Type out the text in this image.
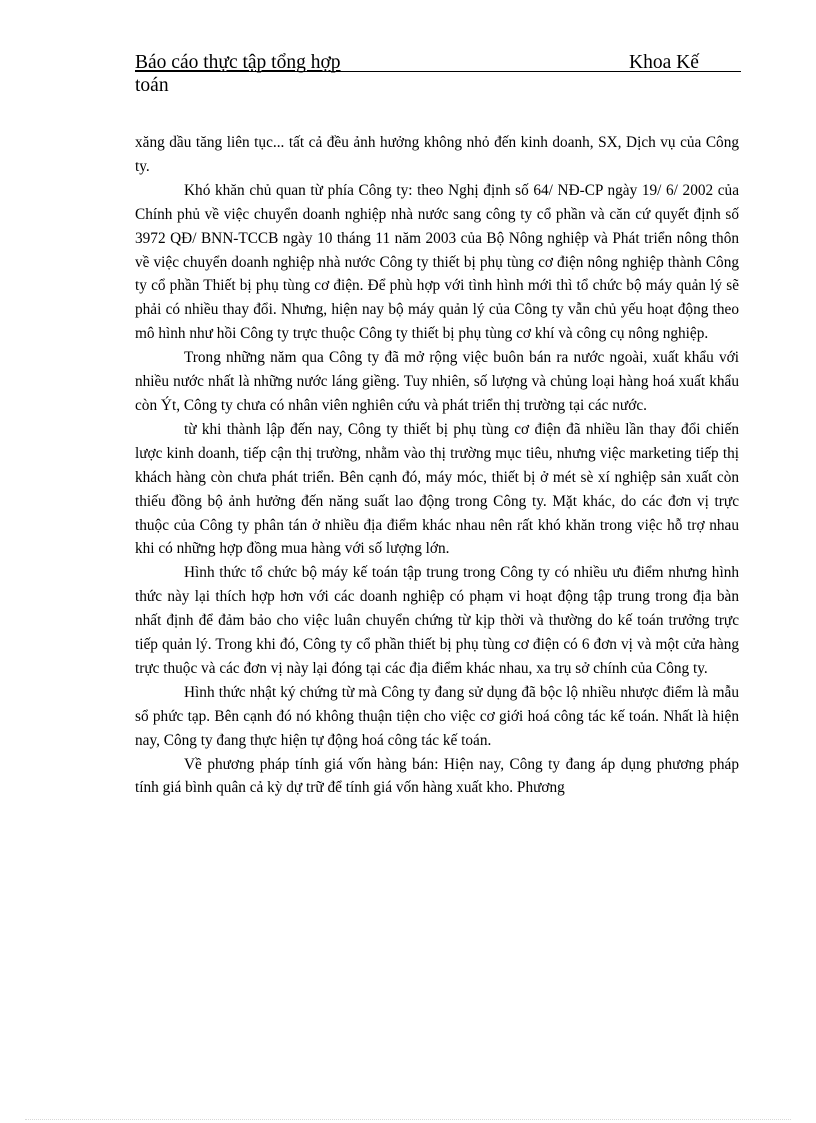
Báo cáo thực tập tổng hợp	Khoa Kế
toán

xăng dầu tăng liên tục... tất cả đều ảnh hưởng không nhỏ đến kinh doanh, SX, Dịch vụ của Công ty.

Khó khăn chủ quan từ phía Công ty: theo Nghị định số 64/ NĐ-CP ngày 19/ 6/ 2002 của Chính phủ về việc chuyển doanh nghiệp nhà nước sang công ty cổ phần và căn cứ quyết định số 3972 QĐ/ BNN-TCCB ngày 10 tháng 11 năm 2003 của Bộ Nông nghiệp và Phát triển nông thôn về việc chuyển doanh nghiệp nhà nước Công ty thiết bị phụ tùng cơ điện nông nghiệp thành Công ty cổ phần Thiết bị phụ tùng cơ điện. Để phù hợp với tình hình mới thì tổ chức bộ máy quản lý sẽ phải có nhiều thay đổi. Nhưng, hiện nay bộ máy quản lý của Công ty vẫn chủ yếu hoạt động theo mô hình như hồi Công ty trực thuộc Công ty thiết bị phụ tùng cơ khí và công cụ nông nghiệp.

Trong những năm qua Công ty đã mở rộng việc buôn bán ra nước ngoài, xuất khẩu với nhiều nước nhất là những nước láng giềng. Tuy nhiên, số lượng và chủng loại hàng hoá xuất khẩu còn Ýt, Công ty chưa có nhân viên nghiên cứu và phát triển thị trường tại các nước.

từ khi thành lập đến nay, Công ty thiết bị phụ tùng cơ điện đã nhiều lần thay đổi chiến lược kinh doanh, tiếp cận thị trường, nhằm vào thị trường mục tiêu, nhưng việc marketing tiếp thị khách hàng còn chưa phát triển. Bên cạnh đó, máy móc, thiết bị ở mét sè xí nghiệp sản xuất còn thiếu đồng bộ ảnh hưởng đến năng suất lao động trong Công ty. Mặt khác, do các đơn vị trực thuộc của Công ty phân tán ở nhiều địa điểm khác nhau nên rất khó khăn trong việc hỗ trợ nhau khi có những hợp đồng mua hàng với số lượng lớn.

Hình thức tổ chức bộ máy kế toán tập trung trong Công ty có nhiều ưu điểm nhưng hình thức này lại thích hợp hơn với các doanh nghiệp có phạm vi hoạt động tập trung trong địa bàn nhất định để đảm bảo cho việc luân chuyển chứng từ kịp thời và thường do kế toán trưởng trực tiếp quản lý. Trong khi đó, Công ty cổ phần thiết bị phụ tùng cơ điện có 6 đơn vị và một cửa hàng trực thuộc và các đơn vị này lại đóng tại các địa điểm khác nhau, xa trụ sở chính của Công ty.

Hình thức nhật ký chứng từ mà Công ty đang sử dụng đã bộc lộ nhiều nhược điểm là mẫu sổ phức tạp. Bên cạnh đó nó không thuận tiện cho việc cơ giới hoá công tác kế toán. Nhất là hiện nay, Công ty đang thực hiện tự động hoá công tác kế toán.

Về phương pháp tính giá vốn hàng bán: Hiện nay, Công ty đang áp dụng phương pháp tính giá bình quân cả kỳ dự trữ để tính giá vốn hàng xuất kho. Phương
